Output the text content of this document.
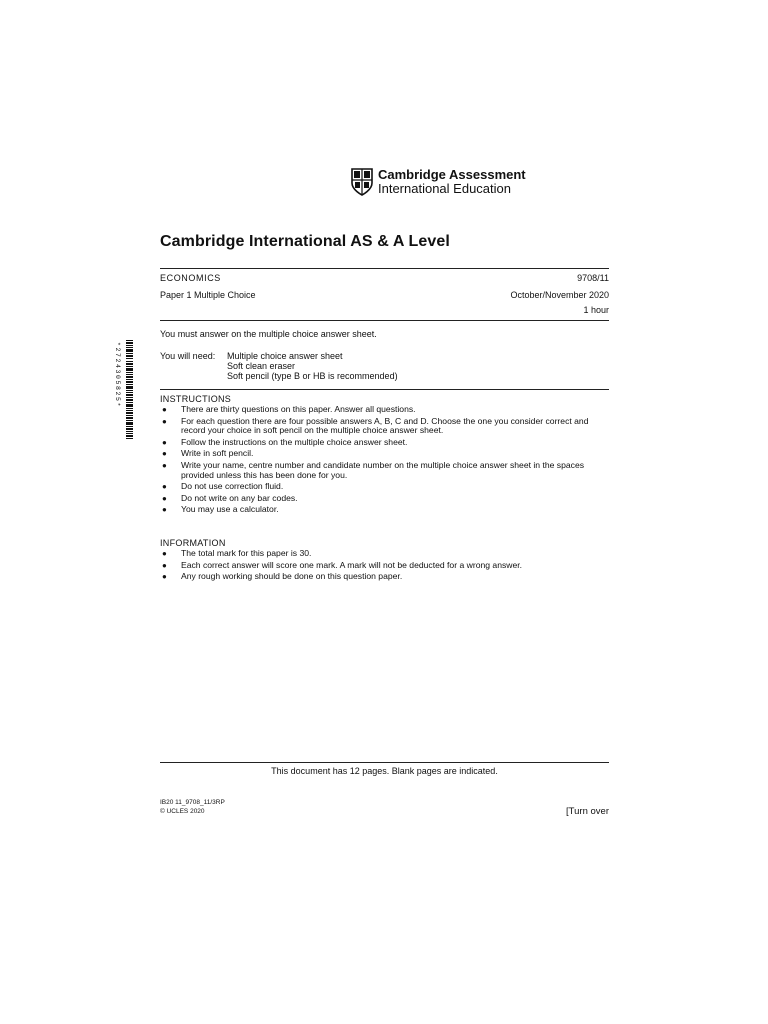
Cambridge Assessment
International Education
Cambridge International AS & A Level
ECONOMICS	9708/11
Paper 1 Multiple Choice	October/November 2020
1 hour
You must answer on the multiple choice answer sheet.
You will need: Multiple choice answer sheet
Soft clean eraser
Soft pencil (type B or HB is recommended)
*2724305825*	INSTRUCTIONS
● There are thirty questions on this paper. Answer all questions.
● For each question there are four possible answers A, B, C and D. Choose the one you consider correct and record your choice in soft pencil on the multiple choice answer sheet.
● Follow the instructions on the multiple choice answer sheet.
● Write in soft pencil.
● Write your name, centre number and candidate number on the multiple choice answer sheet in the spaces provided unless this has been done for you.
● Do not use correction fluid.
● Do not write on any bar codes.
● You may use a calculator.
INFORMATION
● The total mark for this paper is 30.
● Each correct answer will score one mark. A mark will not be deducted for a wrong answer.
● Any rough working should be done on this question paper.
This document has 12 pages. Blank pages are indicated.
IB20 11_9708_11/3RP
© UCLES 2020	[Turn over
